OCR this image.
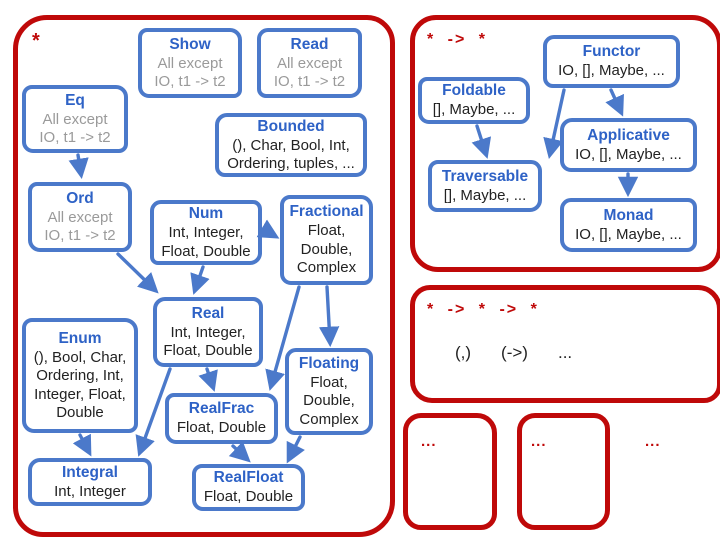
*	* -> *
* -> * -> *
...	...	...
(,) (->) ...
Show
All except
IO, t1 -> t2
Read
All except
IO, t1 -> t2
Eq
All except
IO, t1 -> t2
Bounded
(), Char, Bool, Int,
Ordering, tuples, ...
Ord
All except
IO, t1 -> t2
Num
Int, Integer,
Float, Double
Fractional
Float,
Double,
Complex
Real
Int, Integer,
Float, Double
Enum
(), Bool, Char,
Ordering, Int,
Integer, Float,
Double
Floating
Float,
Double,
Complex
RealFrac
Float, Double
Integral
Int, Integer
RealFloat
Float, Double
Functor
IO, [], Maybe, ...
Foldable
[], Maybe, ...
Applicative
IO, [], Maybe, ...
Traversable
[], Maybe, ...
Monad
IO, [], Maybe, ...
